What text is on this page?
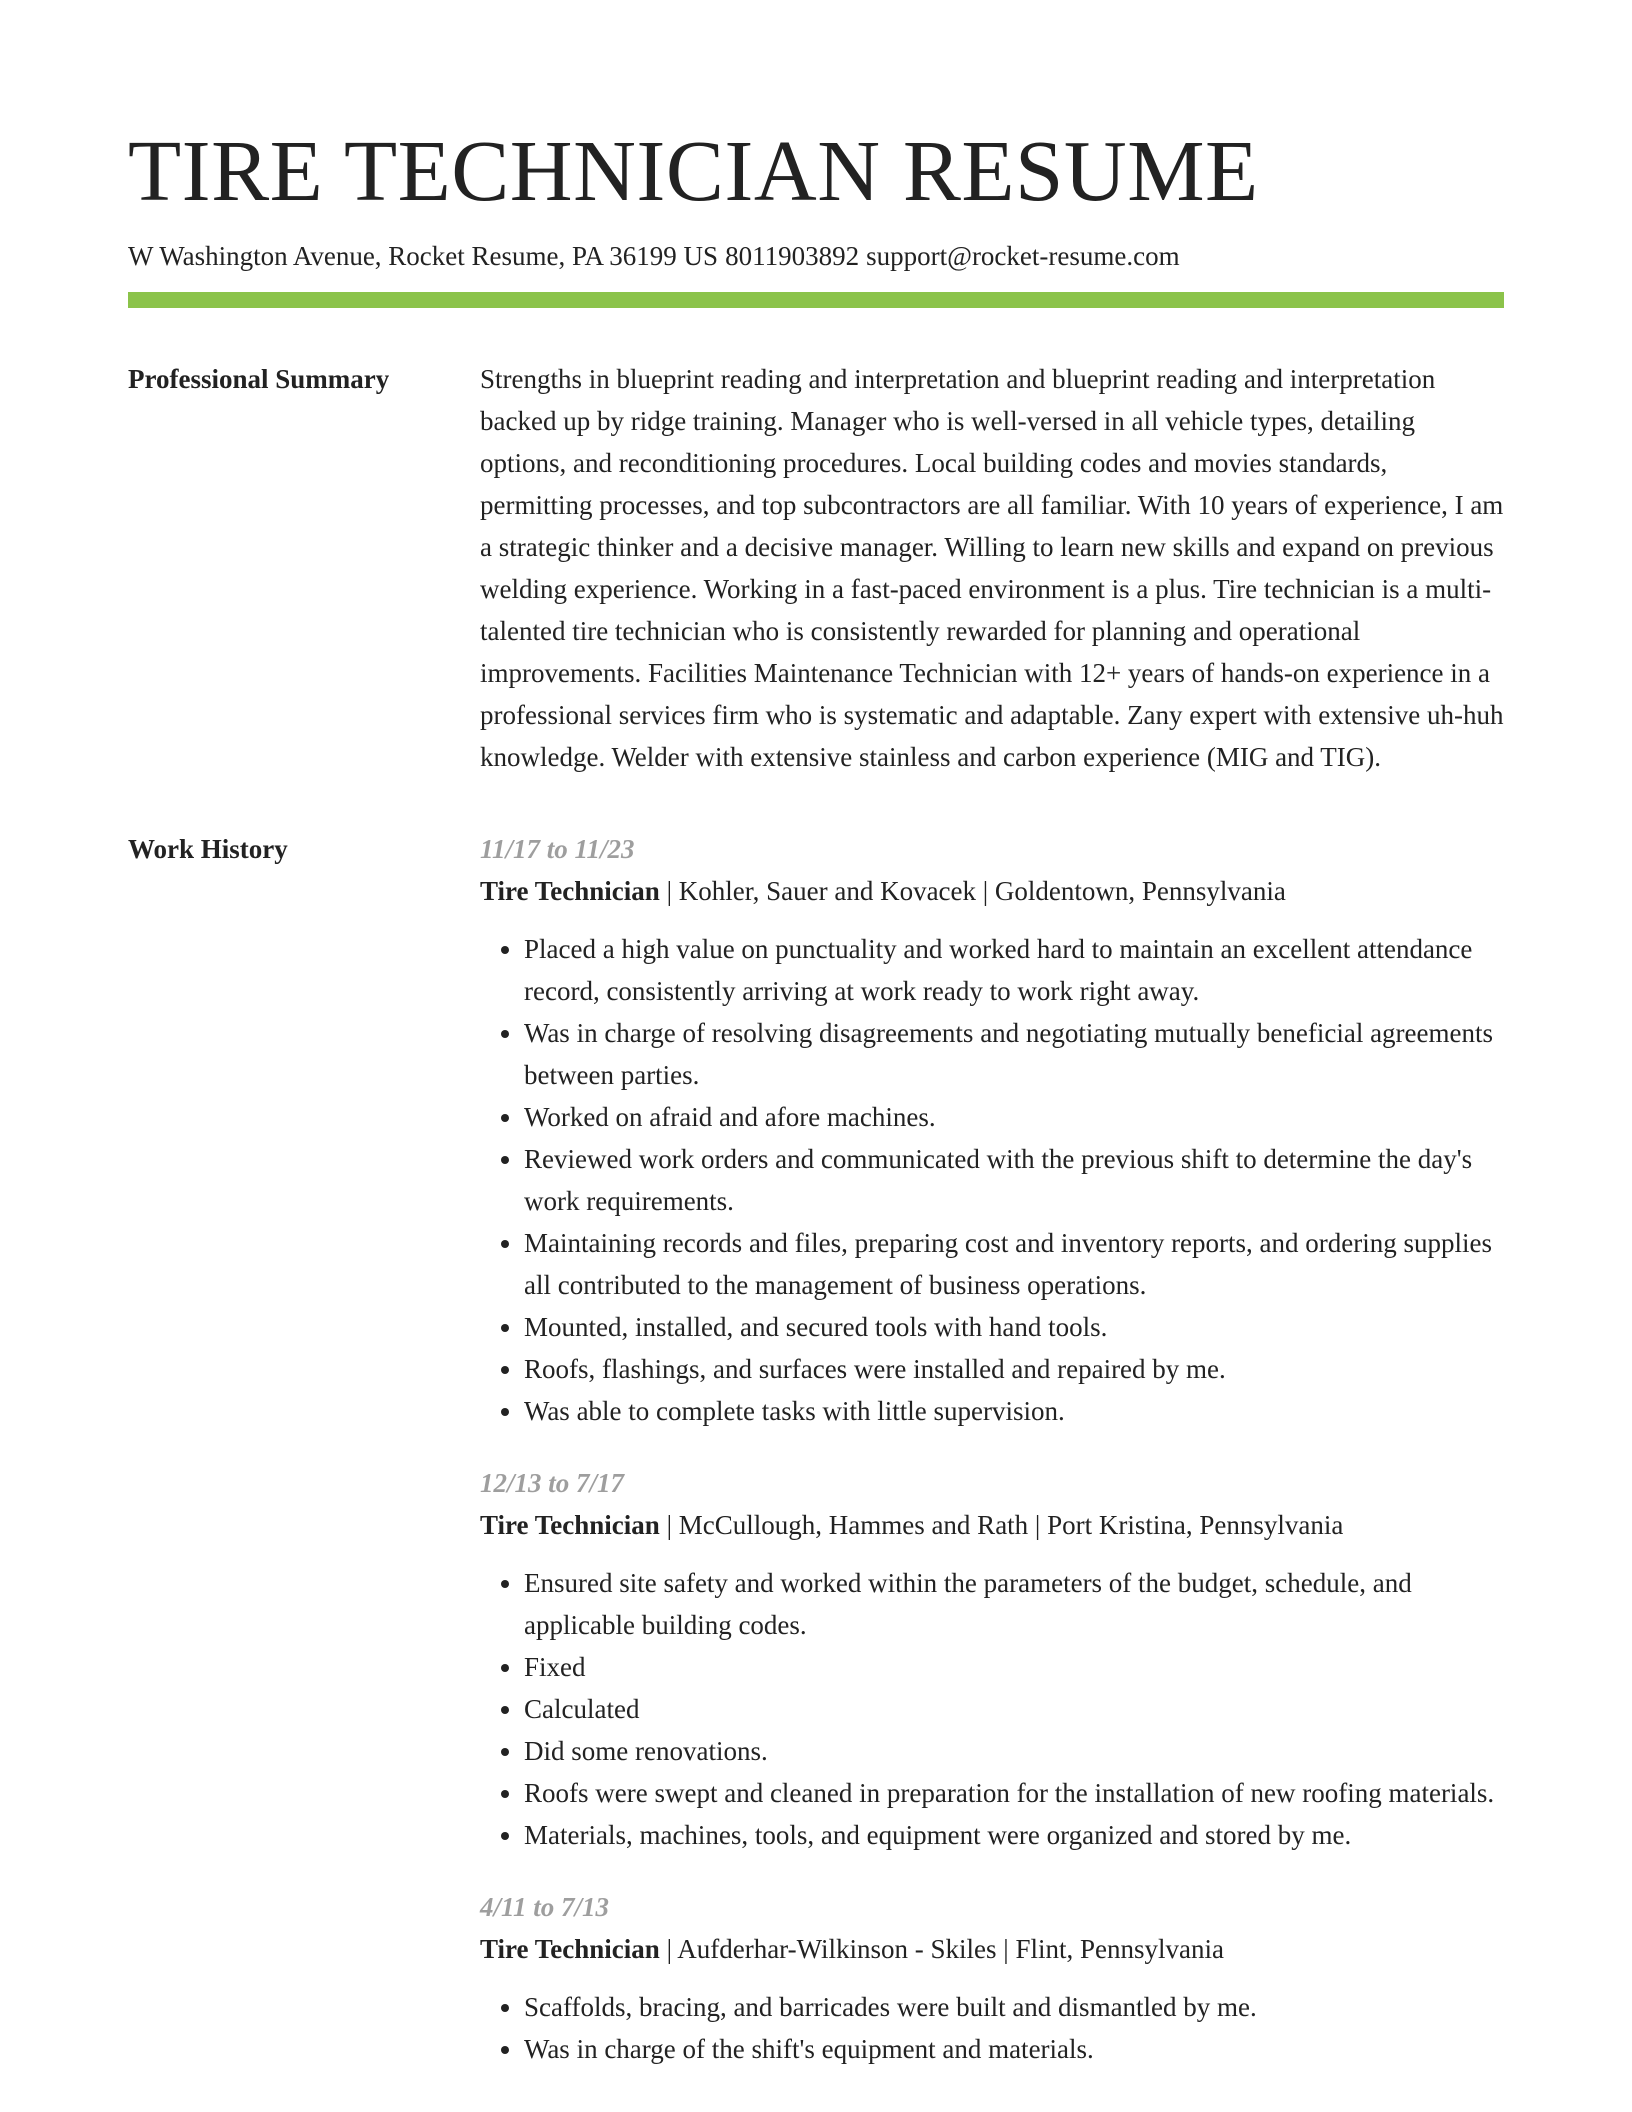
TIRE TECHNICIAN RESUME
W Washington Avenue, Rocket Resume, PA 36199 US 8011903892 support@rocket-resume.com
Professional Summary	Strengths in blueprint reading and interpretation and blueprint reading and interpretation backed up by ridge training. Manager who is well-versed in all vehicle types, detailing options, and reconditioning procedures. Local building codes and movies standards, permitting processes, and top subcontractors are all familiar. With 10 years of experience, I am a strategic thinker and a decisive manager. Willing to learn new skills and expand on previous welding experience. Working in a fast-paced environment is a plus. Tire technician is a multi-talented tire technician who is consistently rewarded for planning and operational improvements. Facilities Maintenance Technician with 12+ years of hands-on experience in a professional services firm who is systematic and adaptable. Zany expert with extensive uh-huh knowledge. Welder with extensive stainless and carbon experience (MIG and TIG).

Work History	11/17 to 11/23
Tire Technician | Kohler, Sauer and Kovacek | Goldentown, Pennsylvania
• Placed a high value on punctuality and worked hard to maintain an excellent attendance record, consistently arriving at work ready to work right away.
• Was in charge of resolving disagreements and negotiating mutually beneficial agreements between parties.
• Worked on afraid and afore machines.
• Reviewed work orders and communicated with the previous shift to determine the day's work requirements.
• Maintaining records and files, preparing cost and inventory reports, and ordering supplies all contributed to the management of business operations.
• Mounted, installed, and secured tools with hand tools.
• Roofs, flashings, and surfaces were installed and repaired by me.
• Was able to complete tasks with little supervision.
12/13 to 7/17
Tire Technician | McCullough, Hammes and Rath | Port Kristina, Pennsylvania
• Ensured site safety and worked within the parameters of the budget, schedule, and applicable building codes.
• Fixed
• Calculated
• Did some renovations.
• Roofs were swept and cleaned in preparation for the installation of new roofing materials.
• Materials, machines, tools, and equipment were organized and stored by me.
4/11 to 7/13
Tire Technician | Aufderhar-Wilkinson - Skiles | Flint, Pennsylvania
• Scaffolds, bracing, and barricades were built and dismantled by me.
• Was in charge of the shift's equipment and materials.
